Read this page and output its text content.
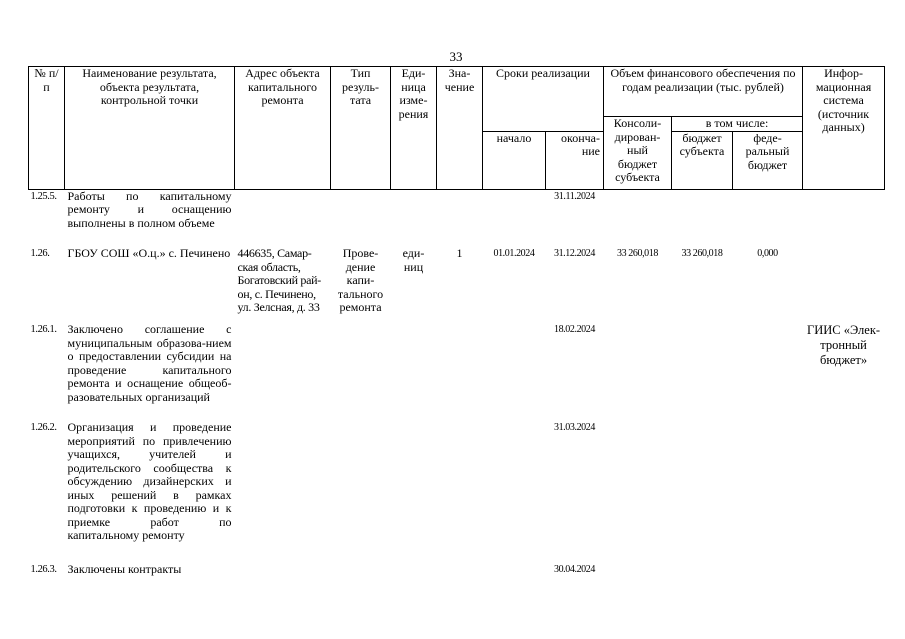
33
№ п/п	Наименование результата, объекта результата, контрольной точки	Адрес объекта капитального ремонта	Тип резуль-тата	Еди-ница изме-рения	Зна-чение	Сроки реализации		Объем финансового обеспечения по годам реализации (тыс. рублей)			Инфор-мационная система (источник данных)
								Консоли-дирован-ный бюджет субъекта	в том числе:		
						начало	оконча-ние		бюджет субъекта	феде-ральный бюджет	
1.25.5.	Работы по капитальному ремонту и оснащению выполнены в полном объеме						31.11.2024				
1.26.	ГБОУ СОШ «О.ц.» с. Печинено	446635, Самар-ская область, Богатовский рай-он, с. Печинено, ул. Зелсная, д. 33	Прове-дение капи-тального ремонта	еди-ниц	1	01.01.2024	31.12.2024	33 260,018	33 260,018	0,000	
1.26.1.	Заключено соглашение с муниципальным образова-нием о предоставлении субсидии на проведение капитального ремонта и оснащение общеоб-разовательных организаций						18.02.2024				ГИИС «Элек-тронный бюджет»
1.26.2.	Организация и проведение мероприятий по привлечению учащихся, учителей и родительского сообщества к обсуждению дизайнерских и иных решений в рамках подготовки к проведению и к приемке работ по капитальному ремонту						31.03.2024				
1.26.3.	Заключены контракты						30.04.2024				
